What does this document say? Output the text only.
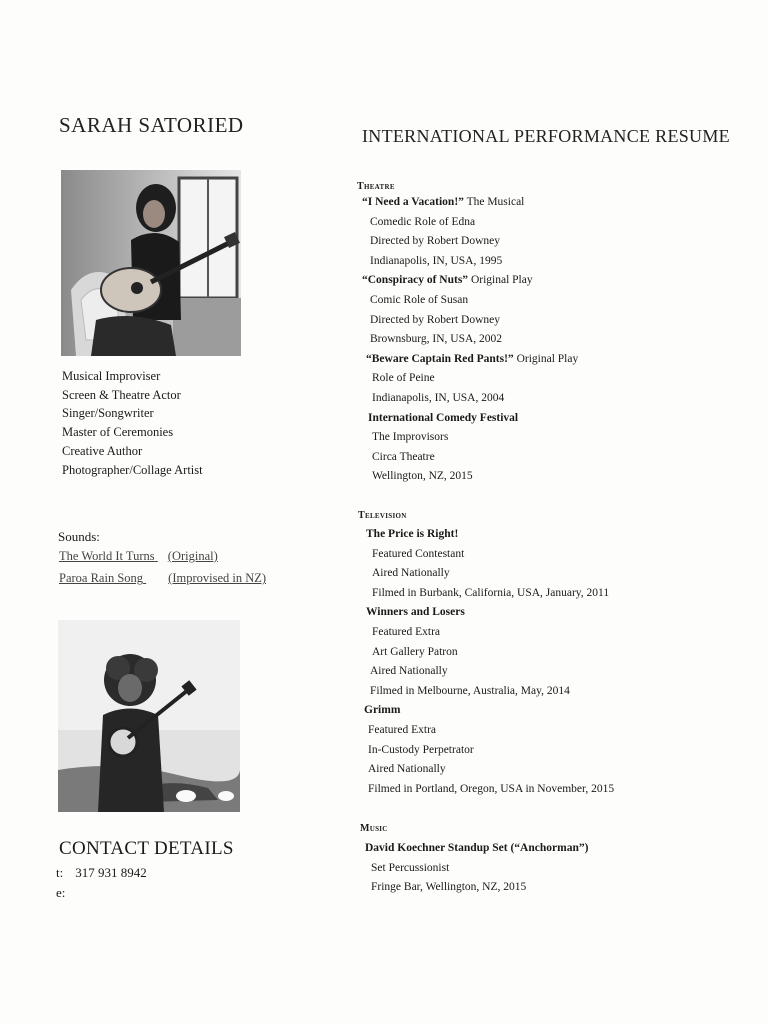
SARAH SATORIED	INTERNATIONAL PERFORMANCE RESUME
Musical Improviser
Screen & Theatre Actor
Singer/Songwriter
Master of Ceremonies
Creative Author
Photographer/Collage Artist
Sounds:
The World It Turns (Original)
Paroa Rain Song (Improvised in NZ)
CONTACT DETAILS
t: 317 931 8942
e:
Theatre
“I Need a Vacation!” The Musical
Comedic Role of Edna
Directed by Robert Downey
Indianapolis, IN, USA, 1995
“Conspiracy of Nuts” Original Play
Comic Role of Susan
Directed by Robert Downey
Brownsburg, IN, USA, 2002
“Beware Captain Red Pants!” Original Play
Role of Peine
Indianapolis, IN, USA, 2004
International Comedy Festival
The Improvisors
Circa Theatre
Wellington, NZ, 2015
Television
The Price is Right!
Featured Contestant
Aired Nationally
Filmed in Burbank, California, USA, January, 2011
Winners and Losers
Featured Extra
Art Gallery Patron
Aired Nationally
Filmed in Melbourne, Australia, May, 2014
Grimm
Featured Extra
In-Custody Perpetrator
Aired Nationally
Filmed in Portland, Oregon, USA in November, 2015
Music
David Koechner Standup Set (“Anchorman”)
Set Percussionist
Fringe Bar, Wellington, NZ, 2015
